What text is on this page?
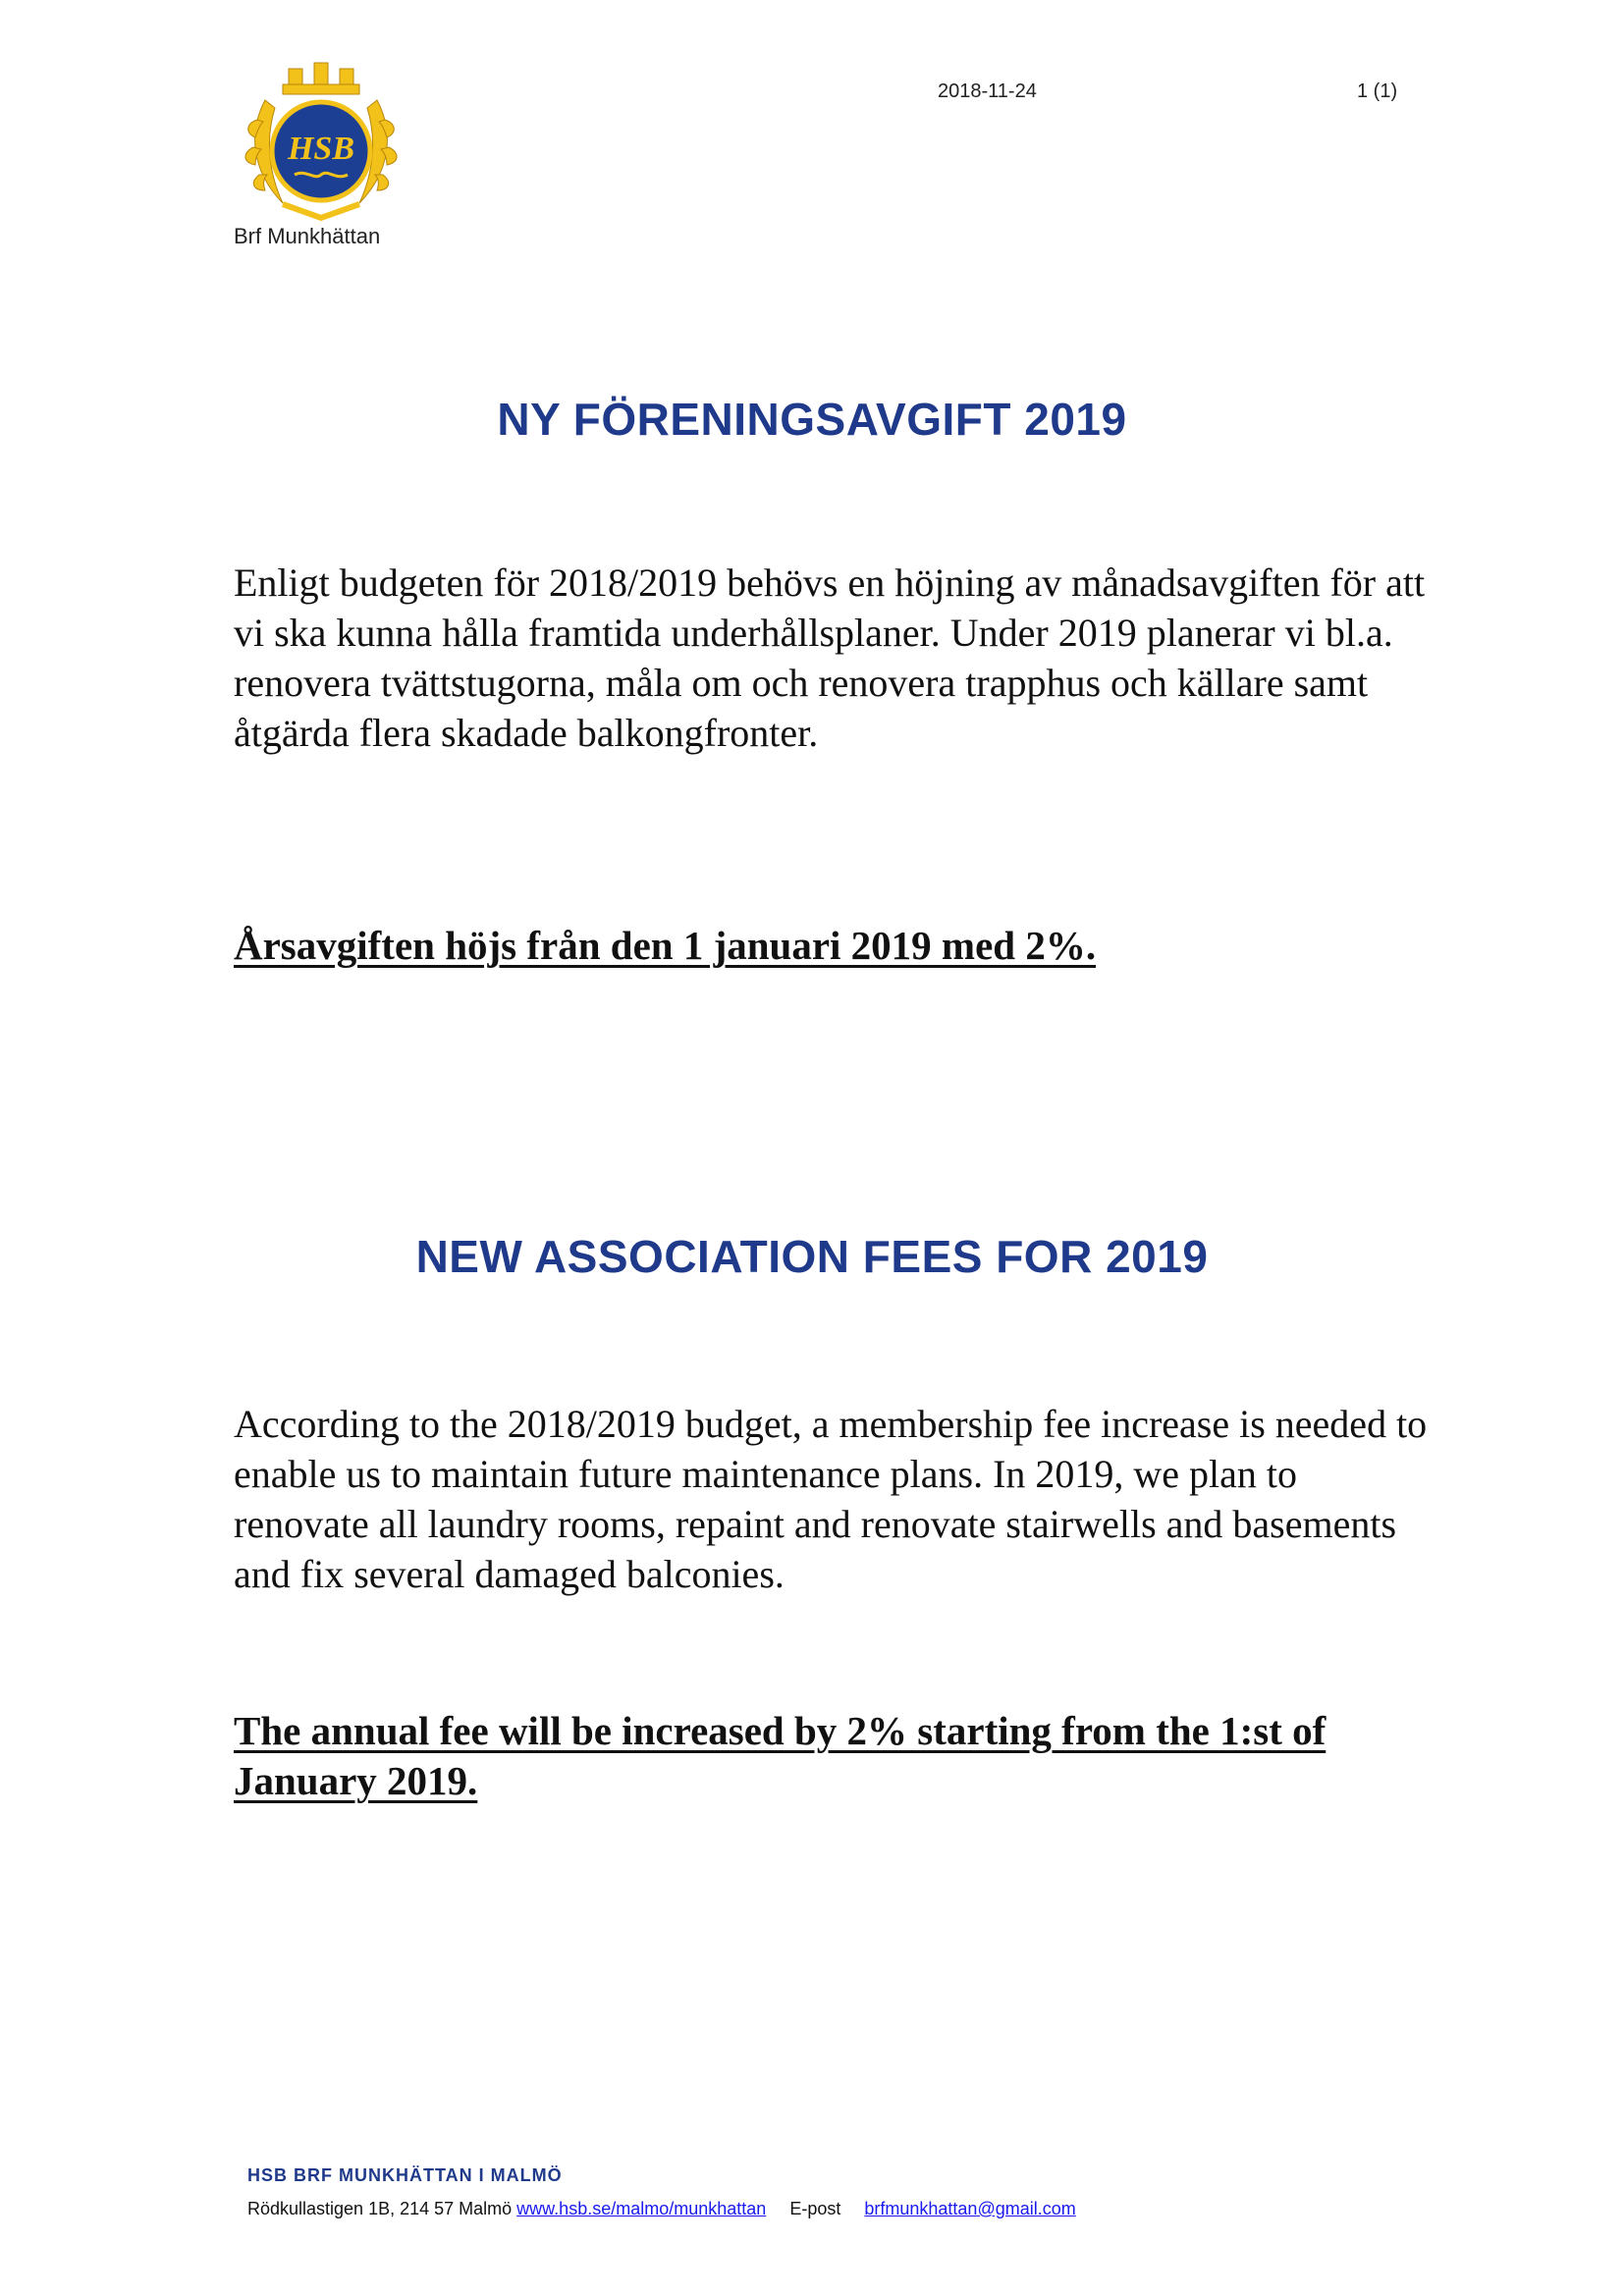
HSB
Brf Munkhättan
2018-11-24	1 (1)
NY FÖRENINGSAVGIFT 2019

Enligt budgeten för 2018/2019 behövs en höjning av månadsavgiften för att vi ska kunna hålla framtida underhållsplaner. Under 2019 planerar vi bl.a. renovera tvättstugorna, måla om och renovera trapphus och källare samt åtgärda flera skadade balkongfronter.

Årsavgiften höjs från den 1 januari 2019 med 2%.

NEW ASSOCIATION FEES FOR 2019

According to the 2018/2019 budget, a membership fee increase is needed to enable us to maintain future maintenance plans. In 2019, we plan to renovate all laundry rooms, repaint and renovate stairwells and basements and fix several damaged balconies.

The annual fee will be increased by 2% starting from the 1:st of January 2019.

HSB BRF MUNKHÄTTAN I MALMÖ
Rödkullastigen 1B, 214 57 Malmö www.hsb.se/malmo/munkhattan E-post brfmunkhattan@gmail.com
